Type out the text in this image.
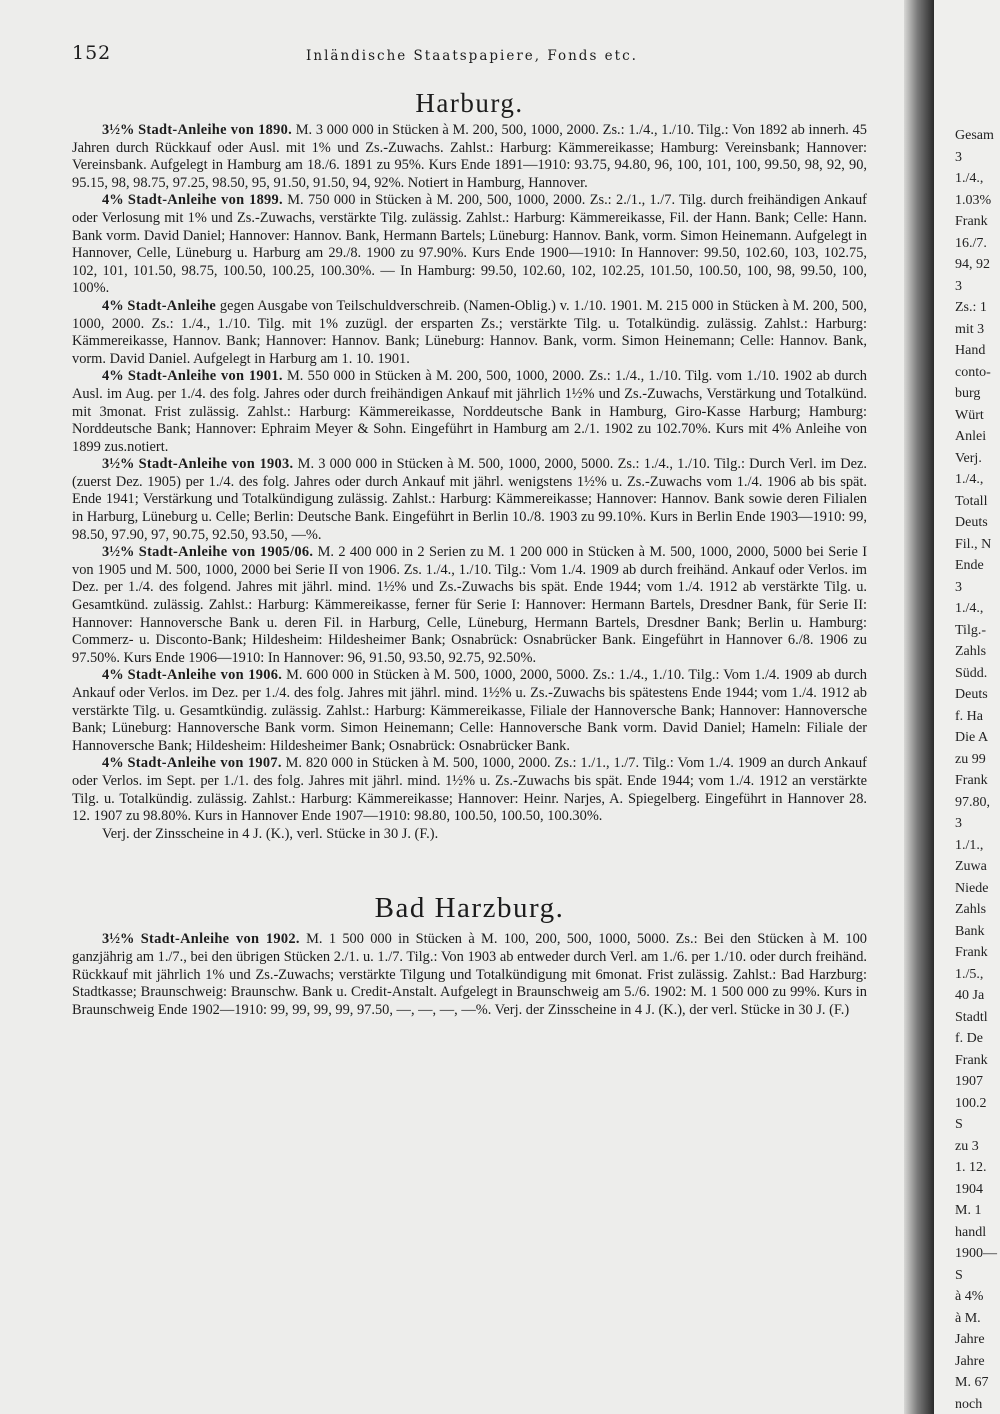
152	Inländische Staatspapiere, Fonds etc.
Harburg.

3½% Stadt-Anleihe von 1890. M. 3 000 000 in Stücken à M. 200, 500, 1000, 2000. Zs.: 1./4., 1./10. Tilg.: Von 1892 ab innerh. 45 Jahren durch Rückkauf oder Ausl. mit 1% und Zs.-Zuwachs. Zahlst.: Harburg: Kämmereikasse; Hamburg: Vereinsbank; Hannover: Vereinsbank. Aufgelegt in Hamburg am 18./6. 1891 zu 95%. Kurs Ende 1891—1910: 93.75, 94.80, 96, 100, 101, 100, 99.50, 98, 92, 90, 95.15, 98, 98.75, 97.25, 98.50, 95, 91.50, 91.50, 94, 92%. Notiert in Hamburg, Hannover.

4% Stadt-Anleihe von 1899. M. 750 000 in Stücken à M. 200, 500, 1000, 2000. Zs.: 2./1., 1./7. Tilg. durch freihändigen Ankauf oder Verlosung mit 1% und Zs.-Zuwachs, verstärkte Tilg. zulässig. Zahlst.: Harburg: Kämmereikasse, Fil. der Hann. Bank; Celle: Hann. Bank vorm. David Daniel; Hannover: Hannov. Bank, Hermann Bartels; Lüneburg: Hannov. Bank, vorm. Simon Heinemann. Aufgelegt in Hannover, Celle, Lüneburg u. Harburg am 29./8. 1900 zu 97.90%. Kurs Ende 1900—1910: In Hannover: 99.50, 102.60, 103, 102.75, 102, 101, 101.50, 98.75, 100.50, 100.25, 100.30%. — In Hamburg: 99.50, 102.60, 102, 102.25, 101.50, 100.50, 100, 98, 99.50, 100, 100%.

4% Stadt-Anleihe gegen Ausgabe von Teilschuldverschreib. (Namen-Oblig.) v. 1./10. 1901. M. 215 000 in Stücken à M. 200, 500, 1000, 2000. Zs.: 1./4., 1./10. Tilg. mit 1% zuzügl. der ersparten Zs.; verstärkte Tilg. u. Totalkündig. zulässig. Zahlst.: Harburg: Kämmereikasse, Hannov. Bank; Hannover: Hannov. Bank; Lüneburg: Hannov. Bank, vorm. Simon Heinemann; Celle: Hannov. Bank, vorm. David Daniel. Aufgelegt in Harburg am 1. 10. 1901.

4% Stadt-Anleihe von 1901. M. 550 000 in Stücken à M. 200, 500, 1000, 2000. Zs.: 1./4., 1./10. Tilg. vom 1./10. 1902 ab durch Ausl. im Aug. per 1./4. des folg. Jahres oder durch freihändigen Ankauf mit jährlich 1½% und Zs.-Zuwachs, Verstärkung und Totalkünd. mit 3monat. Frist zulässig. Zahlst.: Harburg: Kämmereikasse, Norddeutsche Bank in Hamburg, Giro-Kasse Harburg; Hamburg: Norddeutsche Bank; Hannover: Ephraim Meyer & Sohn. Eingeführt in Hamburg am 2./1. 1902 zu 102.70%. Kurs mit 4% Anleihe von 1899 zus.notiert.

3½% Stadt-Anleihe von 1903. M. 3 000 000 in Stücken à M. 500, 1000, 2000, 5000. Zs.: 1./4., 1./10. Tilg.: Durch Verl. im Dez. (zuerst Dez. 1905) per 1./4. des folg. Jahres oder durch Ankauf mit jährl. wenigstens 1½% u. Zs.-Zuwachs vom 1./4. 1906 ab bis spät. Ende 1941; Verstärkung und Totalkündigung zulässig. Zahlst.: Harburg: Kämmereikasse; Hannover: Hannov. Bank sowie deren Filialen in Harburg, Lüneburg u. Celle; Berlin: Deutsche Bank. Eingeführt in Berlin 10./8. 1903 zu 99.10%. Kurs in Berlin Ende 1903—1910: 99, 98.50, 97.90, 97, 90.75, 92.50, 93.50, —%.

3½% Stadt-Anleihe von 1905/06. M. 2 400 000 in 2 Serien zu M. 1 200 000 in Stücken à M. 500, 1000, 2000, 5000 bei Serie I von 1905 und M. 500, 1000, 2000 bei Serie II von 1906. Zs. 1./4., 1./10. Tilg.: Vom 1./4. 1909 ab durch freihänd. Ankauf oder Verlos. im Dez. per 1./4. des folgend. Jahres mit jährl. mind. 1½% und Zs.-Zuwachs bis spät. Ende 1944; vom 1./4. 1912 ab verstärkte Tilg. u. Gesamtkünd. zulässig. Zahlst.: Harburg: Kämmereikasse, ferner für Serie I: Hannover: Hermann Bartels, Dresdner Bank, für Serie II: Hannover: Hannoversche Bank u. deren Fil. in Harburg, Celle, Lüneburg, Hermann Bartels, Dresdner Bank; Berlin u. Hamburg: Commerz- u. Disconto-Bank; Hildesheim: Hildesheimer Bank; Osnabrück: Osnabrücker Bank. Eingeführt in Hannover 6./8. 1906 zu 97.50%. Kurs Ende 1906—1910: In Hannover: 96, 91.50, 93.50, 92.75, 92.50%.

4% Stadt-Anleihe von 1906. M. 600 000 in Stücken à M. 500, 1000, 2000, 5000. Zs.: 1./4., 1./10. Tilg.: Vom 1./4. 1909 ab durch Ankauf oder Verlos. im Dez. per 1./4. des folg. Jahres mit jährl. mind. 1½% u. Zs.-Zuwachs bis spätestens Ende 1944; vom 1./4. 1912 ab verstärkte Tilg. u. Gesamtkündig. zulässig. Zahlst.: Harburg: Kämmereikasse, Filiale der Hannoversche Bank; Hannover: Hannoversche Bank; Lüneburg: Hannoversche Bank vorm. Simon Heinemann; Celle: Hannoversche Bank vorm. David Daniel; Hameln: Filiale der Hannoversche Bank; Hildesheim: Hildesheimer Bank; Osnabrück: Osnabrücker Bank.

4% Stadt-Anleihe von 1907. M. 820 000 in Stücken à M. 500, 1000, 2000. Zs.: 1./1., 1./7. Tilg.: Vom 1./4. 1909 an durch Ankauf oder Verlos. im Sept. per 1./1. des folg. Jahres mit jährl. mind. 1½% u. Zs.-Zuwachs bis spät. Ende 1944; vom 1./4. 1912 an verstärkte Tilg. u. Totalkündig. zulässig. Zahlst.: Harburg: Kämmereikasse; Hannover: Heinr. Narjes, A. Spiegelberg. Eingeführt in Hannover 28. 12. 1907 zu 98.80%. Kurs in Hannover Ende 1907—1910: 98.80, 100.50, 100.50, 100.30%.

Verj. der Zinsscheine in 4 J. (K.), verl. Stücke in 30 J. (F.).

Bad Harzburg.

3½% Stadt-Anleihe von 1902. M. 1 500 000 in Stücken à M. 100, 200, 500, 1000, 5000. Zs.: Bei den Stücken à M. 100 ganzjährig am 1./7., bei den übrigen Stücken 2./1. u. 1./7. Tilg.: Von 1903 ab entweder durch Verl. am 1./6. per 1./10. oder durch freihänd. Rückkauf mit jährlich 1% und Zs.-Zuwachs; verstärkte Tilgung und Totalkündigung mit 6monat. Frist zulässig. Zahlst.: Bad Harzburg: Stadtkasse; Braunschweig: Braunschw. Bank u. Credit-Anstalt. Aufgelegt in Braunschweig am 5./6. 1902: M. 1 500 000 zu 99%. Kurs in Braunschweig Ende 1902—1910: 99, 99, 99, 99, 97.50, —, —, —, —%. Verj. der Zinsscheine in 4 J. (K.), der verl. Stücke in 30 J. (F.)

Gesam
3
1./4.,
1.03%
Frank
16./7.
94, 92
3
Zs.: 1
mit 3
Hand
conto-
burg
Würt
Anlei
Verj.
1./4.,
Totall
Deuts
Fil., N
Ende
3
1./4.,
Tilg.-
Zahls
Südd.
Deuts
f. Ha
Die A
zu 99
Frank
97.80,
3
1./1.,
Zuwa
Niede
Zahls
Bank
Frank
1./5.,
40 Ja
Stadtl
f. De
Frank
1907
100.2
S
zu 3
1. 12.
1904
M. 1
handl
1900—
S
à 4%
à M.
Jahre
Jahre
M. 67
noch
